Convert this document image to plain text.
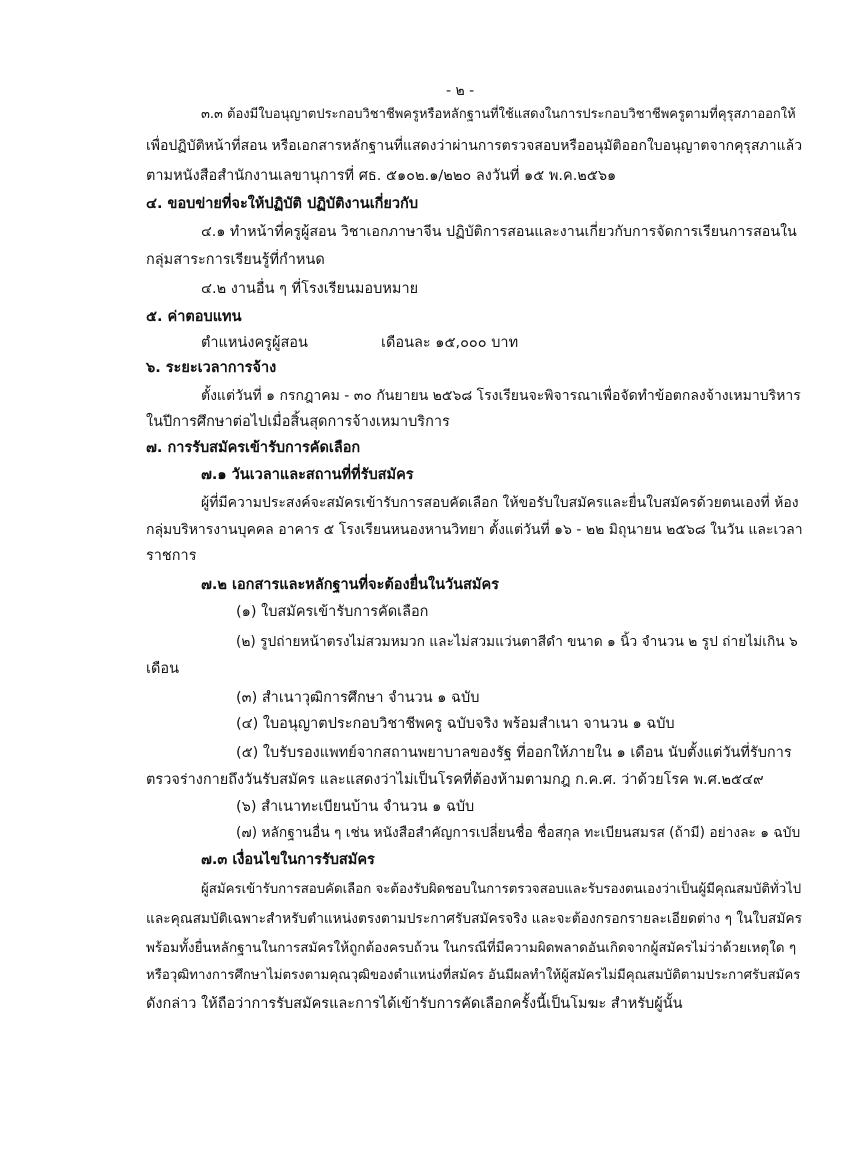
- ๒ -
๓.๓ ต้องมีใบอนุญาตประกอบวิชาชีพครูหรือหลักฐานที่ใช้แสดงในการประกอบวิชาชีพครูตามที่คุรุสภาออกให้
เพื่อปฏิบัติหน้าที่สอน หรือเอกสารหลักฐานที่แสดงว่าผ่านการตรวจสอบหรืออนุมัติออกใบอนุญาตจากคุรุสภาแล้ว
ตามหนังสือสำนักงานเลขานุการที่ ศธ. ๕๑๐๒.๑/๒๒๐ ลงวันที่ ๑๕ พ.ค.๒๕๖๑
๔. ขอบข่ายที่จะให้ปฏิบัติ ปฏิบัติงานเกี่ยวกับ
๔.๑ ทำหน้าที่ครูผู้สอน วิชาเอกภาษาจีน ปฏิบัติการสอนและงานเกี่ยวกับการจัดการเรียนการสอนใน
กลุ่มสาระการเรียนรู้ที่กำหนด
๔.๒ งานอื่น ๆ ที่โรงเรียนมอบหมาย
๕. ค่าตอบแทน
ตำแหน่งครูผู้สอน	เดือนละ ๑๕,๐๐๐ บาท
๖. ระยะเวลาการจ้าง
ตั้งแต่วันที่ ๑ กรกฎาคม - ๓๐ กันยายน ๒๕๖๘ โรงเรียนจะพิจารณาเพื่อจัดทำข้อตกลงจ้างเหมาบริหาร
ในปีการศึกษาต่อไปเมื่อสิ้นสุดการจ้างเหมาบริการ
๗. การรับสมัครเข้ารับการคัดเลือก
๗.๑ วันเวลาและสถานที่ที่รับสมัคร
ผู้ที่มีความประสงค์จะสมัครเข้ารับการสอบคัดเลือก ให้ขอรับใบสมัครและยื่นใบสมัครด้วยตนเองที่ ห้อง
กลุ่มบริหารงานบุคคล อาคาร ๕ โรงเรียนหนองหานวิทยา ตั้งแต่วันที่ ๑๖ - ๒๒ มิถุนายน ๒๕๖๘ ในวัน และเวลา
ราชการ
๗.๒ เอกสารและหลักฐานที่จะต้องยื่นในวันสมัคร
(๑) ใบสมัครเข้ารับการคัดเลือก
(๒) รูปถ่ายหน้าตรงไม่สวมหมวก และไม่สวมแว่นตาสีดำ ขนาด ๑ นิ้ว จำนวน ๒ รูป ถ่ายไม่เกิน ๖
เดือน
(๓) สำเนาวุฒิการศึกษา จำนวน ๑ ฉบับ
(๔) ใบอนุญาตประกอบวิชาชีพครู ฉบับจริง พร้อมสำเนา จานวน ๑ ฉบับ
(๕) ใบรับรองแพทย์จากสถานพยาบาลของรัฐ ที่ออกให้ภายใน ๑ เดือน นับตั้งแต่วันที่รับการ
ตรวจร่างกายถึงวันรับสมัคร และแสดงว่าไม่เป็นโรคที่ต้องห้ามตามกฎ ก.ค.ศ. ว่าด้วยโรค พ.ศ.๒๕๔๙
(๖) สำเนาทะเบียนบ้าน จำนวน ๑ ฉบับ
(๗) หลักฐานอื่น ๆ เช่น หนังสือสำคัญการเปลี่ยนชื่อ ชื่อสกุล ทะเบียนสมรส (ถ้ามี) อย่างละ ๑ ฉบับ
๗.๓ เงื่อนไขในการรับสมัคร
ผู้สมัครเข้ารับการสอบคัดเลือก จะต้องรับผิดชอบในการตรวจสอบและรับรองตนเองว่าเป็นผู้มีคุณสมบัติทั่วไป
และคุณสมบัติเฉพาะสำหรับตำแหน่งตรงตามประกาศรับสมัครจริง และจะต้องกรอกรายละเอียดต่าง ๆ ในใบสมัคร
พร้อมทั้งยื่นหลักฐานในการสมัครให้ถูกต้องครบถ้วน ในกรณีที่มีความผิดพลาดอันเกิดจากผู้สมัครไม่ว่าด้วยเหตุใด ๆ
หรือวุฒิทางการศึกษาไม่ตรงตามคุณวุฒิของตำแหน่งที่สมัคร อันมีผลทำให้ผู้สมัครไม่มีคุณสมบัติตามประกาศรับสมัคร
ดังกล่าว ให้ถือว่าการรับสมัครและการได้เข้ารับการคัดเลือกครั้งนี้เป็นโมฆะ สำหรับผู้นั้น
